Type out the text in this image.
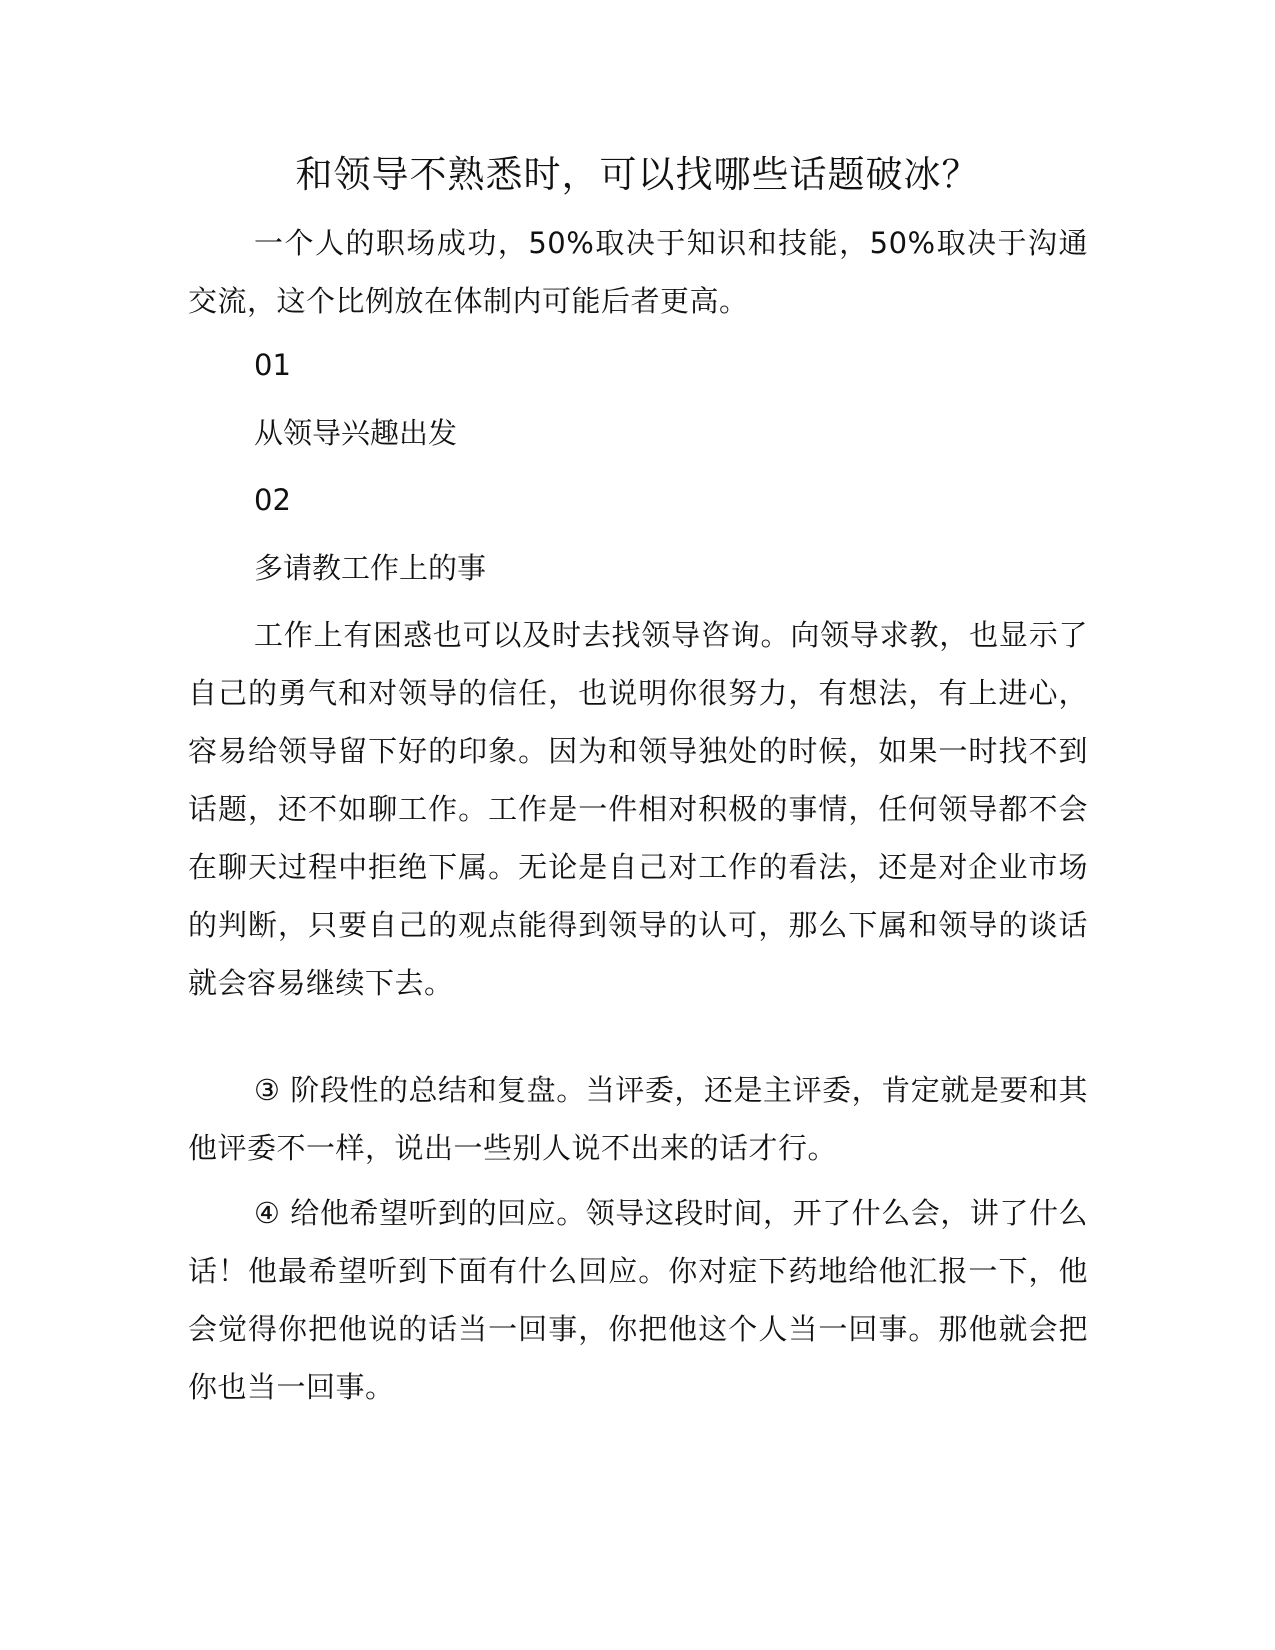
和领导不熟悉时，可以找哪些话题破冰？

一个人的职场成功，50%取决于知识和技能，50%取决于沟通交流，这个比例放在体制内可能后者更高。

01

从领导兴趣出发

02

多请教工作上的事

工作上有困惑也可以及时去找领导咨询。向领导求教，也显示了自己的勇气和对领导的信任，也说明你很努力，有想法，有上进心，容易给领导留下好的印象。因为和领导独处的时候，如果一时找不到话题，还不如聊工作。工作是一件相对积极的事情，任何领导都不会在聊天过程中拒绝下属。无论是自己对工作的看法，还是对企业市场的判断，只要自己的观点能得到领导的认可，那么下属和领导的谈话就会容易继续下去。

③ 阶段性的总结和复盘。当评委，还是主评委，肯定就是要和其他评委不一样，说出一些别人说不出来的话才行。

④ 给他希望听到的回应。领导这段时间，开了什么会，讲了什么话！他最希望听到下面有什么回应。你对症下药地给他汇报一下，他会觉得你把他说的话当一回事，你把他这个人当一回事。那他就会把你也当一回事。
